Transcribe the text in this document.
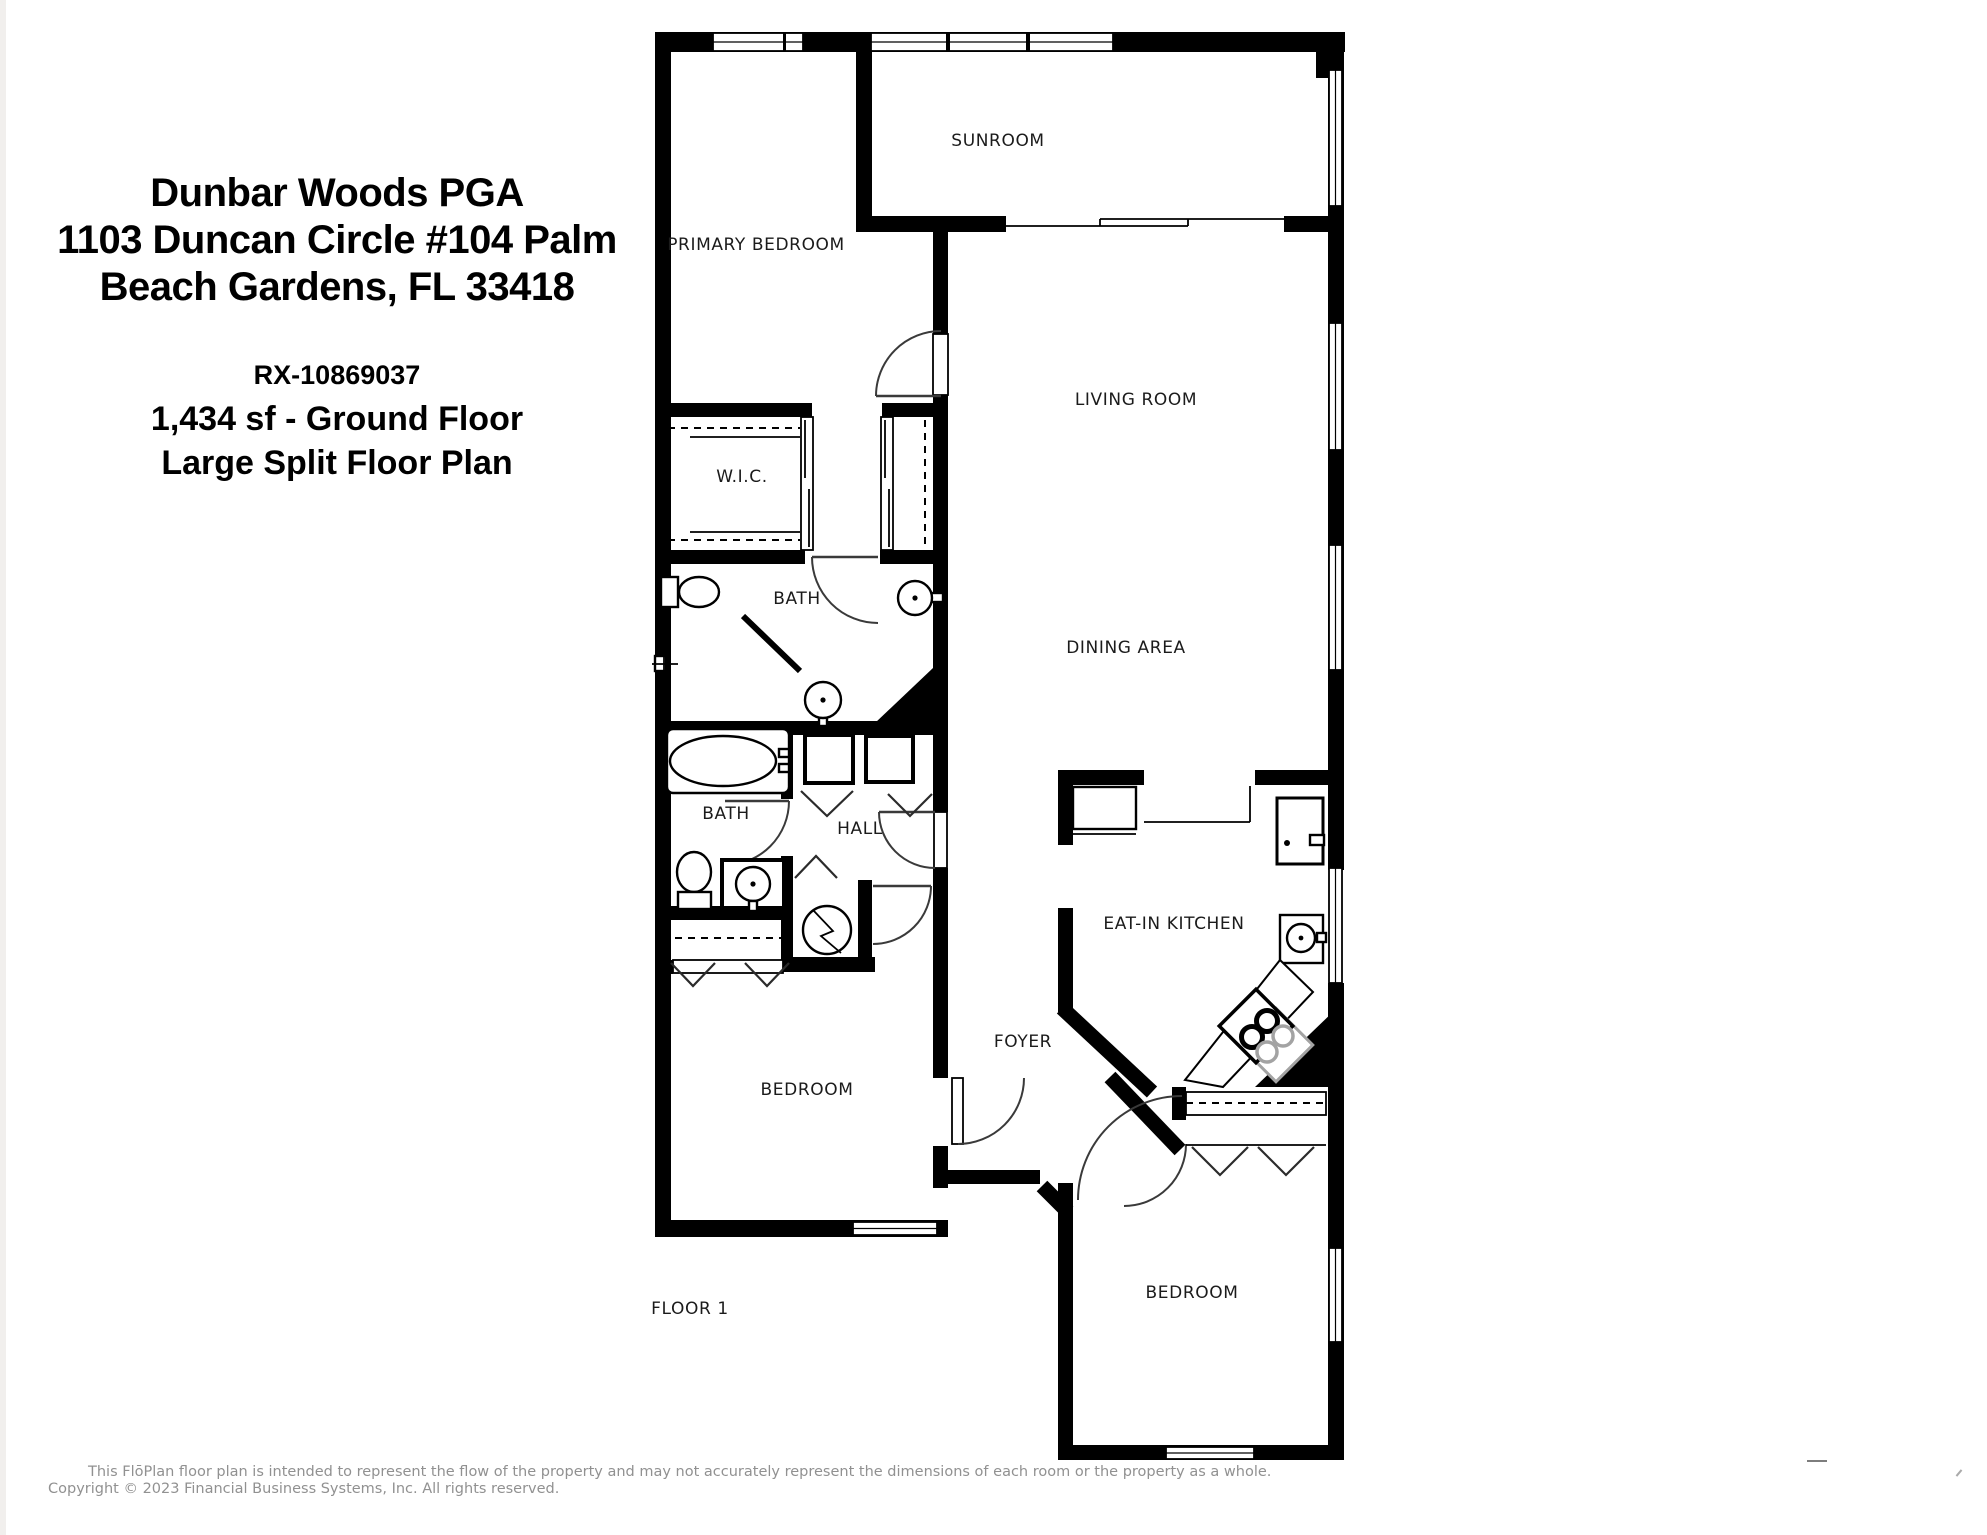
Dunbar Woods PGA
1103 Duncan Circle #104 Palm
Beach Gardens, FL 33418
RX-10869037
1,434 sf - Ground Floor
Large Split Floor Plan
PRIMARY BEDROOM
SUNROOM
LIVING ROOM
DINING AREA
W.I.C.
BATH
BATH
HALL
EAT-IN KITCHEN
FOYER
BEDROOM
BEDROOM
FLOOR 1
This FlōPlan floor plan is intended to represent the flow of the property and may not accurately represent the dimensions of each room or the property as a whole.
Copyright © 2023 Financial Business Systems, Inc. All rights reserved.
